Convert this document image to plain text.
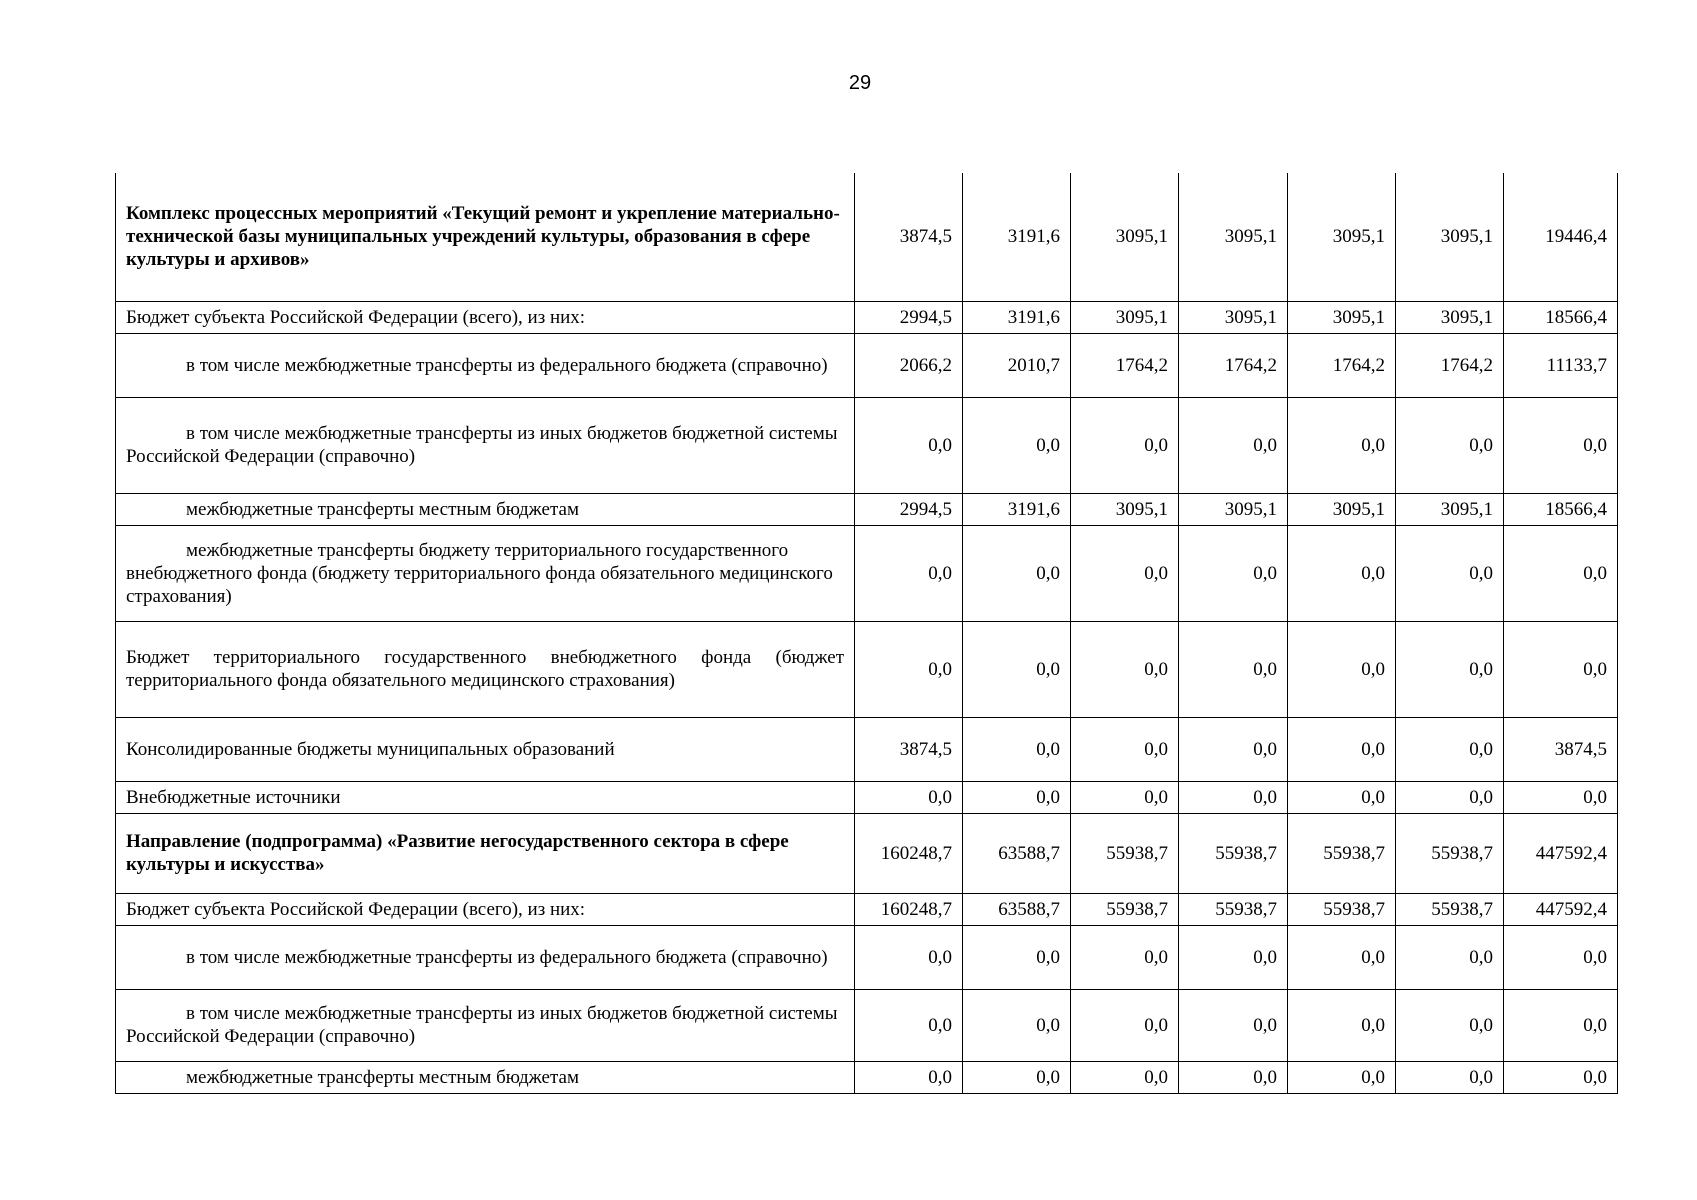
29
Комплекс процессных мероприятий «Текущий ремонт и укрепление материально-технической базы муниципальных учреждений культуры, образования в сфере культуры и архивов»	3874,5	3191,6	3095,1	3095,1	3095,1	3095,1	19446,4
Бюджет субъекта Российской Федерации (всего), из них:	2994,5	3191,6	3095,1	3095,1	3095,1	3095,1	18566,4

в том числе межбюджетные трансферты из федерального бюджета (справочно)	2066,2	2010,7	1764,2	1764,2	1764,2	1764,2	11133,7

в том числе межбюджетные трансферты из иных бюджетов бюджетной системы Российской Федерации (справочно)	0,0	0,0	0,0	0,0	0,0	0,0	0,0

межбюджетные трансферты местным бюджетам	2994,5	3191,6	3095,1	3095,1	3095,1	3095,1	18566,4

межбюджетные трансферты бюджету территориального государственного внебюджетного фонда (бюджету территориального фонда обязательного медицинского страхования)	0,0	0,0	0,0	0,0	0,0	0,0	0,0

Бюджет территориального государственного внебюджетного фонда (бюджет территориального фонда обязательного медицинского страхования)	0,0	0,0	0,0	0,0	0,0	0,0	0,0
Консолидированные бюджеты муниципальных образований	3874,5	0,0	0,0	0,0	0,0	0,0	3874,5
Внебюджетные источники	0,0	0,0	0,0	0,0	0,0	0,0	0,0
Направление (подпрограмма) «Развитие негосударственного сектора в сфере культуры и искусства»	160248,7	63588,7	55938,7	55938,7	55938,7	55938,7	447592,4
Бюджет субъекта Российской Федерации (всего), из них:	160248,7	63588,7	55938,7	55938,7	55938,7	55938,7	447592,4

в том числе межбюджетные трансферты из федерального бюджета (справочно)	0,0	0,0	0,0	0,0	0,0	0,0	0,0

в том числе межбюджетные трансферты из иных бюджетов бюджетной системы Российской Федерации (справочно)	0,0	0,0	0,0	0,0	0,0	0,0	0,0

межбюджетные трансферты местным бюджетам	0,0	0,0	0,0	0,0	0,0	0,0	0,0
